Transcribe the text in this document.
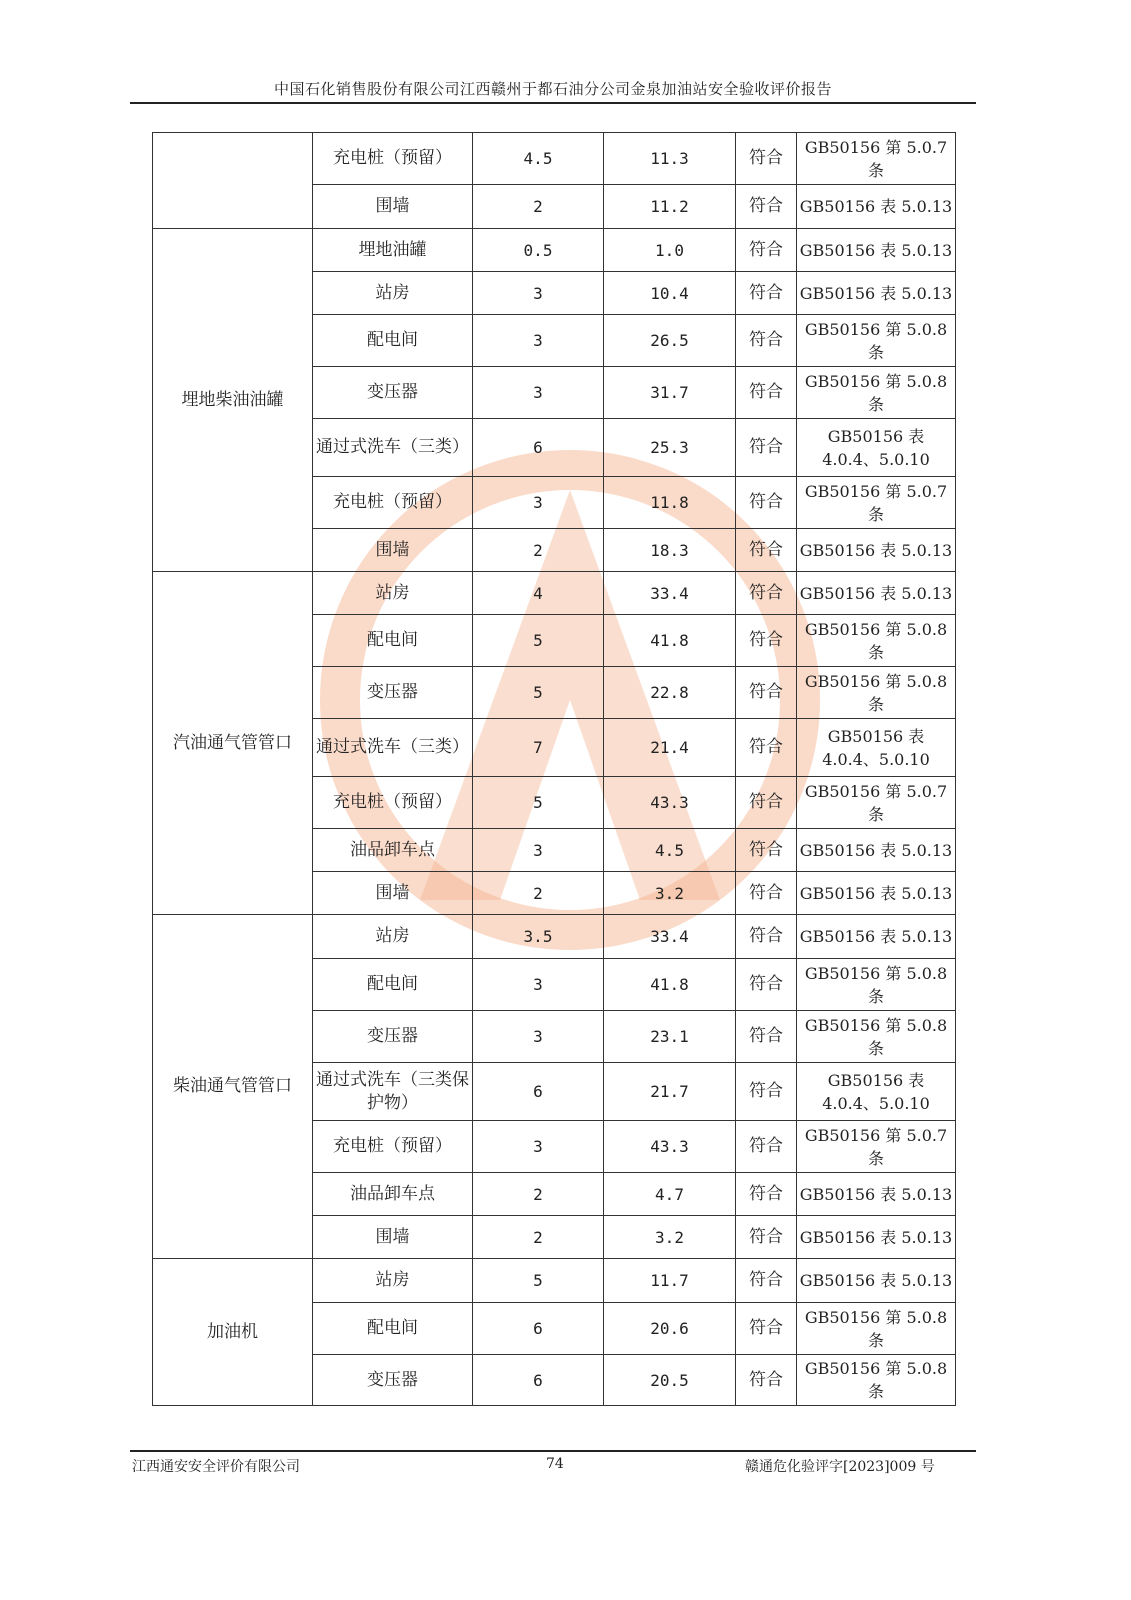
中国石化销售股份有限公司江西赣州于都石油分公司金泉加油站安全验收评价报告
	充电桩（预留）	4.5	11.3	符合	GB50156 第 5.0.7 条
	围墙	2	11.2	符合	GB50156 表 5.0.13
埋地柴油油罐	埋地油罐	0.5	1.0	符合	GB50156 表 5.0.13
	站房	3	10.4	符合	GB50156 表 5.0.13
	配电间	3	26.5	符合	GB50156 第 5.0.8 条
	变压器	3	31.7	符合	GB50156 第 5.0.8 条
	通过式洗车（三类）	6	25.3	符合	GB50156 表 4.0.4、5.0.10
	充电桩（预留）	3	11.8	符合	GB50156 第 5.0.7 条
	围墙	2	18.3	符合	GB50156 表 5.0.13
汽油通气管管口	站房	4	33.4	符合	GB50156 表 5.0.13
	配电间	5	41.8	符合	GB50156 第 5.0.8 条
	变压器	5	22.8	符合	GB50156 第 5.0.8 条
	通过式洗车（三类）	7	21.4	符合	GB50156 表 4.0.4、5.0.10
	充电桩（预留）	5	43.3	符合	GB50156 第 5.0.7 条
	油品卸车点	3	4.5	符合	GB50156 表 5.0.13
	围墙	2	3.2	符合	GB50156 表 5.0.13
柴油通气管管口	站房	3.5	33.4	符合	GB50156 表 5.0.13
	配电间	3	41.8	符合	GB50156 第 5.0.8 条
	变压器	3	23.1	符合	GB50156 第 5.0.8 条
	通过式洗车（三类保护物）	6	21.7	符合	GB50156 表 4.0.4、5.0.10
	充电桩（预留）	3	43.3	符合	GB50156 第 5.0.7 条
	油品卸车点	2	4.7	符合	GB50156 表 5.0.13
	围墙	2	3.2	符合	GB50156 表 5.0.13
加油机	站房	5	11.7	符合	GB50156 表 5.0.13
	配电间	6	20.6	符合	GB50156 第 5.0.8 条
	变压器	6	20.5	符合	GB50156 第 5.0.8 条
江西通安安全评价有限公司	74	赣通危化验评字[2023]009 号
